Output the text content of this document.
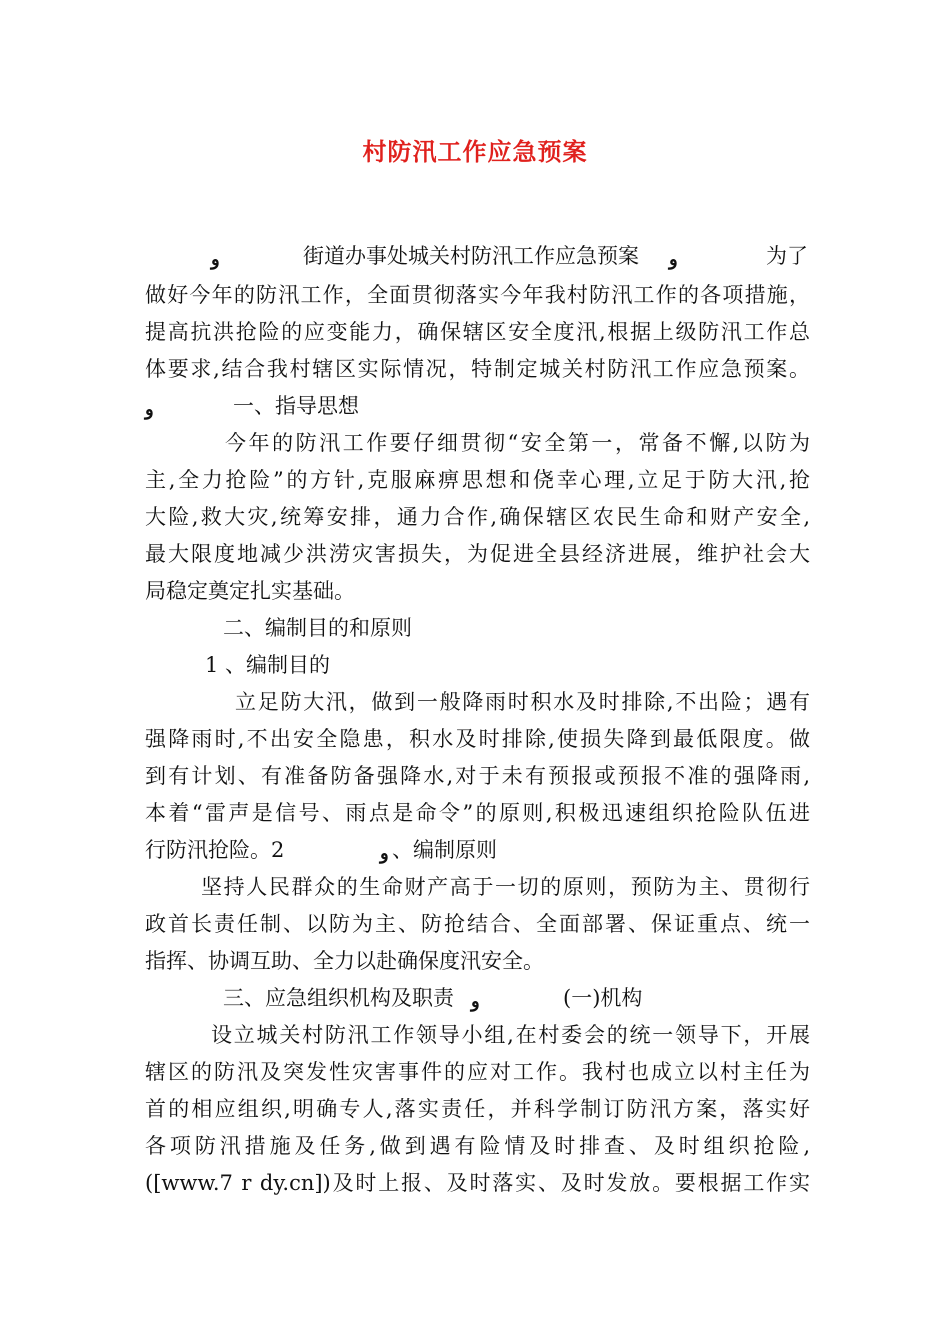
村防汛工作应急预案
ﻭ	街道办事处城关村防汛工作应急预案 ﻭ	为了
做好今年的防汛工作，全面贯彻落实今年我村防汛工作的各项措施，
提高抗洪抢险的应变能力，确保辖区安全度汛,根据上级防汛工作总
体要求,结合我村辖区实际情况，特制定城关村防汛工作应急预案。
ﻭ	一、指导思想
今年的防汛工作要仔细贯彻“安全第一，常备不懈,以防为
主,全力抢险”的方针,克服麻痹思想和侥幸心理,立足于防大汛,抢
大险,救大灾,统筹安排，通力合作,确保辖区农民生命和财产安全,
最大限度地减少洪涝灾害损失，为促进全县经济进展，维护社会大
局稳定奠定扎实基础。
二、编制目的和原则
1 、编制目的
立足防大汛，做到一般降雨时积水及时排除,不出险；遇有
强降雨时,不出安全隐患，积水及时排除,使损失降到最低限度。做
到有计划、有准备防备强降水,对于未有预报或预报不准的强降雨,
本着“雷声是信号、雨点是命令”的原则,积极迅速组织抢险队伍进
行防汛抢险。2	ﻭ 、编制原则
坚持人民群众的生命财产高于一切的原则，预防为主、贯彻行
政首长责任制、以防为主、防抢结合、全面部署、保证重点、统一
指挥、协调互助、全力以赴确保度汛安全。
三、应急组织机构及职责 ﻭ	(一)机构
设立城关村防汛工作领导小组,在村委会的统一领导下，开展
辖区的防汛及突发性灾害事件的应对工作。我村也成立以村主任为
首的相应组织,明确专人,落实责任，并科学制订防汛方案，落实好
各项防汛措施及任务,做到遇有险情及时排查、及时组织抢险,
([www.7 r dy.cn])及时上报、及时落实、及时发放。要根据工作实
